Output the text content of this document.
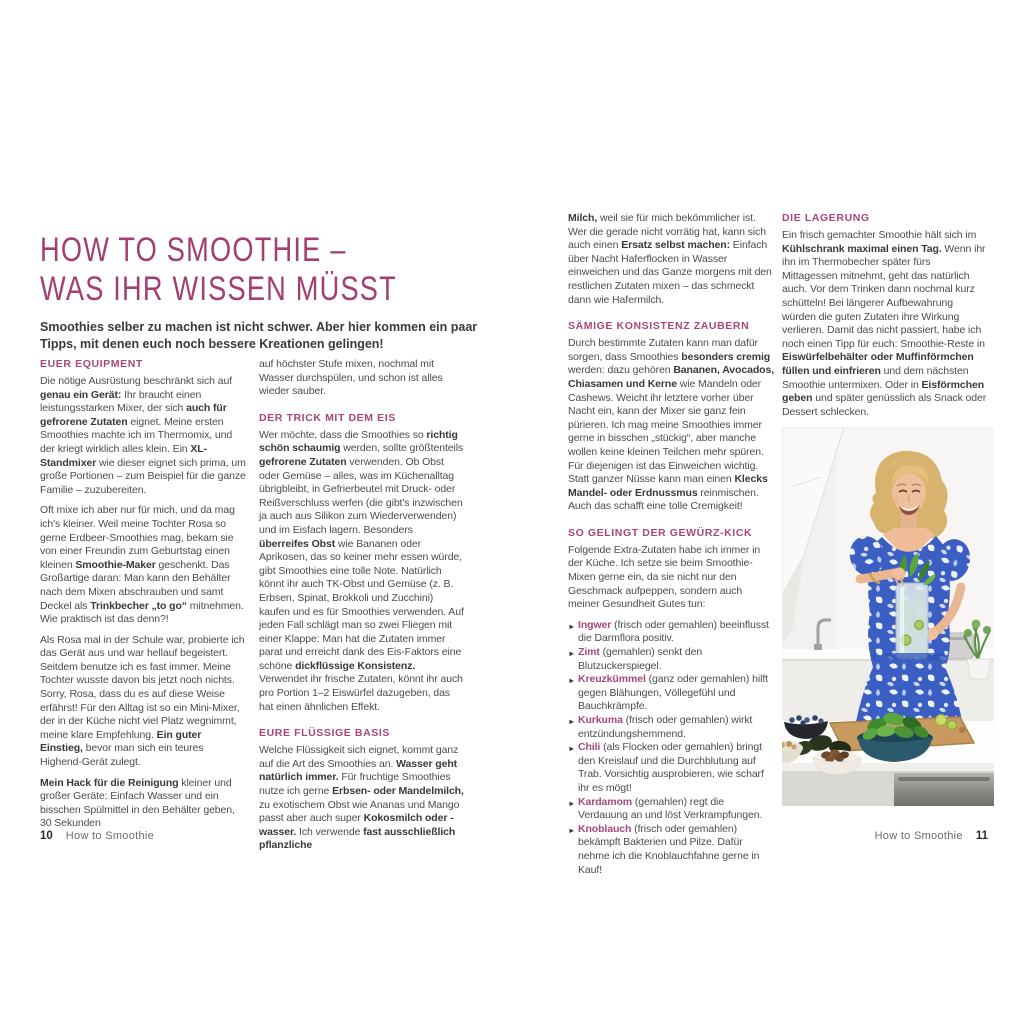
HOW TO SMOOTHIE –
WAS IHR WISSEN MÜSST

Smoothies selber zu machen ist nicht schwer. Aber hier kommen ein paar Tipps, mit denen euch noch bessere Kreationen gelingen!

EUER EQUIPMENT

Die nötige Ausrüstung beschränkt sich auf genau ein Gerät: Ihr braucht einen leistungsstarken Mixer, der sich auch für gefrorene Zutaten eignet. Meine ersten Smoothies machte ich im Thermomix, und der kriegt wirklich alles klein. Ein XL-Standmixer wie dieser eignet sich prima, um große Portionen – zum Beispiel für die ganze Familie – zuzubereiten.

Oft mixe ich aber nur für mich, und da mag ich's kleiner. Weil meine Tochter Rosa so gerne Erdbeer-Smoothies mag, bekam sie von einer Freundin zum Geburtstag einen kleinen Smoothie-Maker geschenkt. Das Großartige daran: Man kann den Behälter nach dem Mixen abschrauben und samt Deckel als Trinkbecher „to go“ mitnehmen. Wie praktisch ist das denn?!

Als Rosa mal in der Schule war, probierte ich das Gerät aus und war hellauf begeistert. Seitdem benutze ich es fast immer. Meine Tochter wusste davon bis jetzt noch nichts. Sorry, Rosa, dass du es auf diese Weise erfährst! Für den Alltag ist so ein Mini-Mixer, der in der Küche nicht viel Platz wegnimmt, meine klare Empfehlung. Ein guter Einstieg, bevor man sich ein teures Highend-Gerät zulegt.

Mein Hack für die Reinigung kleiner und großer Geräte: Einfach Wasser und ein bisschen Spülmittel in den Behälter geben, 30 Sekunden

auf höchster Stufe mixen, nochmal mit Wasser durchspülen, und schon ist alles wieder sauber.

DER TRICK MIT DEM EIS

Wer möchte, dass die Smoothies so richtig schön schaumig werden, sollte größtenteils gefrorene Zutaten verwenden. Ob Obst oder Gemüse – alles, was im Küchenalltag übrigbleibt, in Gefrierbeutel mit Druck- oder Reißverschluss werfen (die gibt's inzwischen ja auch aus Silikon zum Wiederverwenden) und im Eisfach lagern. Besonders überreifes Obst wie Bananen oder Aprikosen, das so keiner mehr essen würde, gibt Smoothies eine tolle Note. Natürlich könnt ihr auch TK-Obst und Gemüse (z. B. Erbsen, Spinat, Brokkoli und Zucchini) kaufen und es für Smoothies verwenden. Auf jeden Fall schlägt man so zwei Fliegen mit einer Klappe: Man hat die Zutaten immer parat und erreicht dank des Eis-Faktors eine schöne dickflüssige Konsistenz. Verwendet ihr frische Zutaten, könnt ihr auch pro Portion 1–2 Eiswürfel dazugeben, das hat einen ähnlichen Effekt.

EURE FLÜSSIGE BASIS

Welche Flüssigkeit sich eignet, kommt ganz auf die Art des Smoothies an. Wasser geht natürlich immer. Für fruchtige Smoothies nutze ich gerne Erbsen- oder Mandelmilch, zu exotischem Obst wie Ananas und Mango passt aber auch super Kokosmilch oder -wasser. Ich verwende fast ausschließlich pflanzliche

Milch, weil sie für mich bekömmlicher ist. Wer die gerade nicht vorrätig hat, kann sich auch einen Ersatz selbst machen: Einfach über Nacht Haferflocken in Wasser einweichen und das Ganze morgens mit den restlichen Zutaten mixen – das schmeckt dann wie Hafermilch.

SÄMIGE KONSISTENZ ZAUBERN

Durch bestimmte Zutaten kann man dafür sorgen, dass Smoothies besonders cremig werden: dazu gehören Bananen, Avocados, Chiasamen und Kerne wie Mandeln oder Cashews. Weicht ihr letztere vorher über Nacht ein, kann der Mixer sie ganz fein pürieren. Ich mag meine Smoothies immer gerne in bisschen „stückig“, aber manche wollen keine kleinen Teilchen mehr spüren. Für diejenigen ist das Einweichen wichtig. Statt ganzer Nüsse kann man einen Klecks Mandel- oder Erdnussmus reinmischen. Auch das schafft eine tolle Cremigkeit!

SO GELINGT DER GEWÜRZ-KICK

Folgende Extra-Zutaten habe ich immer in der Küche. Ich setze sie beim Smoothie-Mixen gerne ein, da sie nicht nur den Geschmack aufpeppen, sondern auch meiner Gesundheit Gutes tun:

► Ingwer (frisch oder gemahlen) beeinflusst die Darmflora positiv.

► Zimt (gemahlen) senkt den Blutzuckerspiegel.

► Kreuzkümmel (ganz oder gemahlen) hilft gegen Blähungen, Völlegefühl und Bauchkrämpfe.

► Kurkuma (frisch oder gemahlen) wirkt entzündungshemmend.

► Chili (als Flocken oder gemahlen) bringt den Kreislauf und die Durchblutung auf Trab. Vorsichtig ausprobieren, wie scharf ihr es mögt!

► Kardamom (gemahlen) regt die Verdauung an und löst Verkrampfungen.

► Knoblauch (frisch oder gemahlen) bekämpft Bakterien und Pilze. Dafür nehme ich die Knoblauchfahne gerne in Kauf!

DIE LAGERUNG

Ein frisch gemachter Smoothie hält sich im Kühlschrank maximal einen Tag. Wenn ihr ihn im Thermobecher später fürs Mittagessen mitnehmt, geht das natürlich auch. Vor dem Trinken dann nochmal kurz schütteln! Bei längerer Aufbewahrung würden die guten Zutaten ihre Wirkung verlieren. Damit das nicht passiert, habe ich noch einen Tipp für euch: Smoothie-Reste in Eiswürfelbehälter oder Muffinförmchen füllen und einfrieren und dem nächsten Smoothie untermixen. Oder in Eisförmchen geben und später genüsslich als Snack oder Dessert schlecken.

10 How to Smoothie	How to Smoothie 11
